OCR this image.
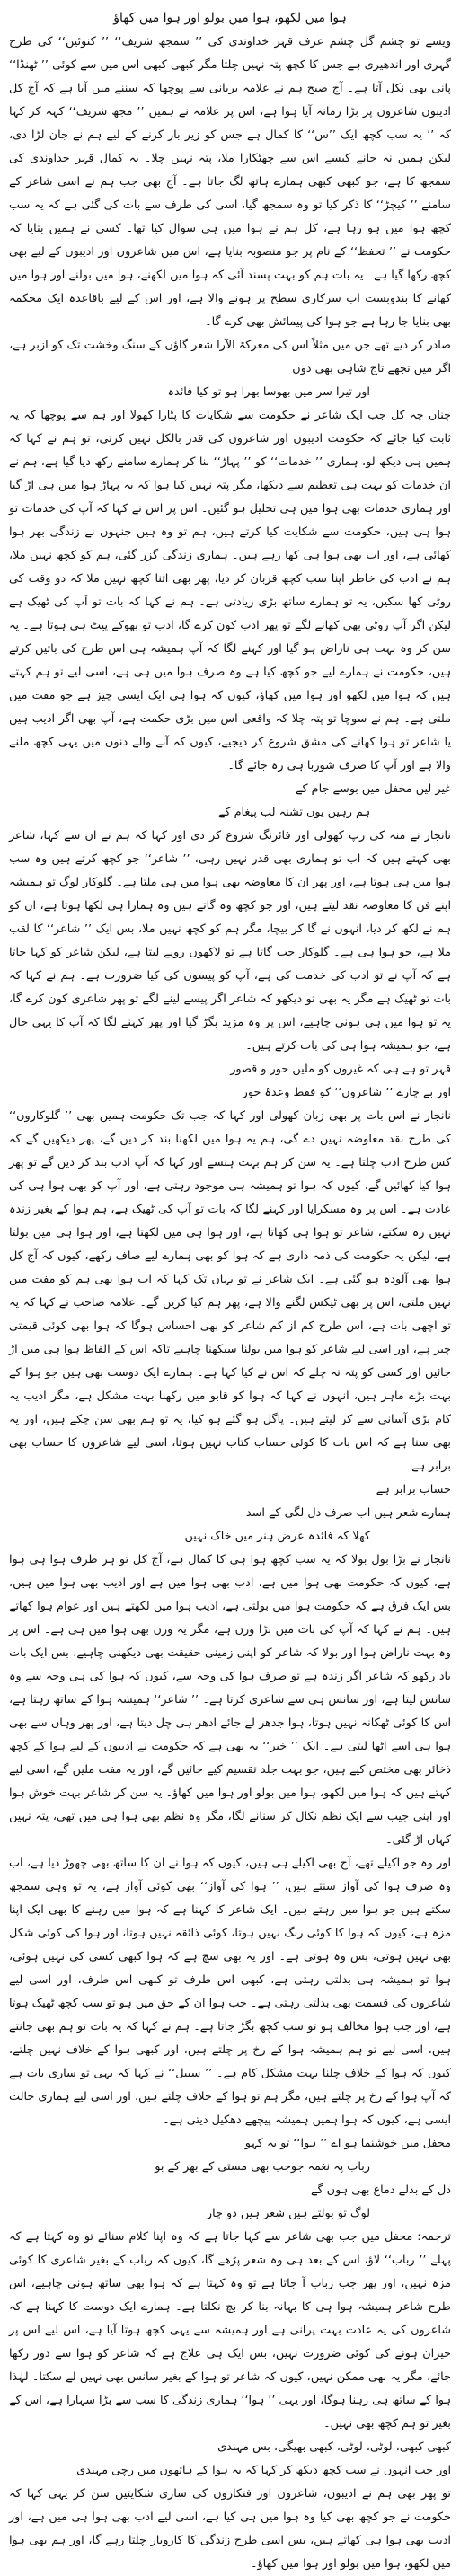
ہوا میں لکھو، ہوا میں بولو اور ہوا میں کھاؤ

ویسے تو چشم گل چشم عرف قہر خداوندی کی ’’ سمجھ شریف‘‘ ’’ کنوئیں‘‘ کی طرح گہری اور اندھیری ہے جس کا کچھ پتہ نہیں چلتا مگر کبھی کبھی اس میں سے کوئی ’’ ٹھنڈا‘‘ پانی بھی نکل آتا ہے۔ آج صبح ہم نے علامہ بریانی سے پوچھا کہ سننے میں آیا ہے کہ آج کل ادیبوں شاعروں پر بڑا زمانہ آیا ہوا ہے، اس پر علامہ نے ہمیں ’’ مجھ شریف‘‘ کہہ کر کہا کہ ’’ یہ سب کچھ ایک ’’س‘‘ کا کمال ہے جس کو زیر بار کرنے کے لیے ہم نے جان لڑا دی، لیکن ہمیں نہ جانے کیسے اس سے چھٹکارا ملا، پتہ نہیں چلا۔ یہ کمال قہر خداوندی کی سمجھ کا ہے، جو کبھی کبھی ہمارے ہاتھ لگ جاتا ہے۔ آج بھی جب ہم نے اسی شاعر کے سامنے ’’ کیچڑ‘‘ کا ذکر کیا تو وہ سمجھ گیا، اسی کی طرف سے بات کی گئی ہے کہ یہ سب کچھ ہوا میں ہو رہا ہے، کل ہم نے ہوا میں ہی سوال کیا تھا۔ کسی نے ہمیں بتایا کہ حکومت نے ’’ تحفظ‘‘ کے نام پر جو منصوبہ بنایا ہے، اس میں شاعروں اور ادیبوں کے لیے بھی کچھ رکھا گیا ہے۔ یہ بات ہم کو بہت پسند آئی کہ ہوا میں لکھنے، ہوا میں بولنے اور ہوا میں کھانے کا بندوبست اب سرکاری سطح پر ہونے والا ہے، اور اس کے لیے باقاعدہ ایک محکمہ بھی بنایا جا رہا ہے جو ہوا کی پیمائش بھی کرے گا۔

صادر کر دیے تھے جن میں مثلاً اس کی معرکۃ الآرا شعر گاؤں کے سنگ وخشت تک کو ازبر ہے،

اگر میں تجھے تاج شاہی بھی دوں

اور تیرا سر میں بھوسا بھرا ہو تو کیا فائدہ

چناں چہ کل جب ایک شاعر نے حکومت سے شکایات کا پٹارا کھولا اور ہم سے پوچھا کہ یہ ثابت کیا جائے کہ حکومت ادیبوں اور شاعروں کی قدر بالکل نہیں کرتی، تو ہم نے کہا کہ ہمیں ہی دیکھ لو، ہماری ’’ خدمات‘‘ کو ’’ پہاڑ‘‘ بنا کر ہمارے سامنے رکھ دیا گیا ہے، ہم نے ان خدمات کو بہت ہی تعظیم سے دیکھا، مگر پتہ نہیں کیا ہوا کہ یہ پہاڑ ہوا میں ہی اڑ گیا اور ہماری خدمات بھی ہوا میں ہی تحلیل ہو گئیں۔ اس پر اس نے کہا کہ آپ کی خدمات تو ہوا ہی ہیں، حکومت سے شکایت کیا کرتے ہیں، ہم تو وہ ہیں جنہوں نے زندگی بھر ہوا کھائی ہے، اور اب بھی ہوا ہی کھا رہے ہیں۔ ہماری زندگی گزر گئی، ہم کو کچھ نہیں ملا، ہم نے ادب کی خاطر اپنا سب کچھ قربان کر دیا، پھر بھی اتنا کچھ نہیں ملا کہ دو وقت کی روٹی کھا سکیں، یہ تو ہمارے ساتھ بڑی زیادتی ہے۔ ہم نے کہا کہ بات تو آپ کی ٹھیک ہے لیکن اگر آپ روٹی بھی کھانے لگے تو پھر ادب کون کرے گا، ادب تو بھوکے پیٹ ہی ہوتا ہے۔ یہ سن کر وہ بہت ہی ناراض ہو گیا اور کہنے لگا کہ آپ ہمیشہ ہی اس طرح کی باتیں کرتے ہیں، حکومت نے ہمارے لیے جو کچھ کیا ہے وہ صرف ہوا میں ہی ہے، اسی لیے تو ہم کہتے ہیں کہ ہوا میں لکھو اور ہوا میں کھاؤ، کیوں کہ ہوا ہی ایک ایسی چیز ہے جو مفت میں ملتی ہے۔ ہم نے سوچا تو پتہ چلا کہ واقعی اس میں بڑی حکمت ہے، آپ بھی اگر ادیب ہیں یا شاعر تو ہوا کھانے کی مشق شروع کر دیجیے، کیوں کہ آنے والے دنوں میں یہی کچھ ملنے والا ہے اور آپ کا صرف شوربا ہی رہ جائے گا۔

غیر لیں محفل میں بوسے جام کے

ہم رہیں یوں تشنہ لب پیغام کے

نانجار نے منہ کی زپ کھولی اور فائرنگ شروع کر دی اور کہا کہ ہم نے ان سے کہا، شاعر بھی کہتے ہیں کہ اب تو ہماری بھی قدر نہیں رہی، ’’ شاعر‘‘ جو کچھ کرتے ہیں وہ سب ہوا میں ہی ہوتا ہے، اور پھر ان کا معاوضہ بھی ہوا میں ہی ملتا ہے۔ گلوکار لوگ تو ہمیشہ اپنے فن کا معاوضہ نقد لیتے ہیں، اور جو کچھ وہ گاتے ہیں وہ ہمارا ہی لکھا ہوتا ہے، ان کو ہم نے لکھ کر دیا، انہوں نے گا کر بیچا، مگر ہم کو کچھ نہیں ملا، بس ایک ’’ شاعر‘‘ کا لقب ملا ہے، جو ہوا ہی ہے۔ گلوکار جب گاتا ہے تو لاکھوں روپے لیتا ہے، لیکن شاعر کو کہا جاتا ہے کہ آپ نے تو ادب کی خدمت کی ہے، آپ کو پیسوں کی کیا ضرورت ہے۔ ہم نے کہا کہ بات تو ٹھیک ہے مگر یہ بھی تو دیکھو کہ شاعر اگر پیسے لینے لگے تو پھر شاعری کون کرے گا، یہ تو ہوا میں ہی ہونی چاہیے، اس پر وہ مزید بگڑ گیا اور پھر کہنے لگا کہ آپ کا یہی حال ہے، جو ہمیشہ ہوا ہی کی بات کرتے ہیں۔

قہر تو ہے ہی کہ غیروں کو ملیں حور و قصور

اور بے چارے ’’ شاعروں‘‘ کو فقط وعدۂ حور

نانجار نے اس بات پر بھی زبان کھولی اور کہا کہ جب تک حکومت ہمیں بھی ’’ گلوکاروں‘‘ کی طرح نقد معاوضہ نہیں دے گی، ہم یہ ہوا میں لکھنا بند کر دیں گے، پھر دیکھیں گے کہ کس طرح ادب چلتا ہے۔ یہ سن کر ہم بہت ہنسے اور کہا کہ آپ ادب بند کر دیں گے تو پھر ہوا کیا کھائیں گے، کیوں کہ ہوا تو ہمیشہ ہی موجود رہتی ہے، اور آپ کو بھی ہوا ہی کی عادت ہے۔ اس پر وہ مسکرایا اور کہنے لگا کہ بات تو آپ کی ٹھیک ہے، ہم ہوا کے بغیر زندہ نہیں رہ سکتے، شاعر تو ہوا ہی کھاتا ہے، اور ہوا ہی میں لکھتا ہے، اور ہوا ہی میں بولتا ہے، لیکن یہ حکومت کی ذمہ داری ہے کہ ہوا کو بھی ہمارے لیے صاف رکھے، کیوں کہ آج کل ہوا بھی آلودہ ہو گئی ہے۔ ایک شاعر نے تو یہاں تک کہا کہ اب ہوا بھی ہم کو مفت میں نہیں ملتی، اس پر بھی ٹیکس لگنے والا ہے، پھر ہم کیا کریں گے۔ علامہ صاحب نے کہا کہ یہ تو اچھی بات ہے، اس طرح کم از کم شاعر کو بھی احساس ہوگا کہ ہوا بھی کوئی قیمتی چیز ہے، اور اسی لیے شاعر کو ہوا میں بولنا سیکھنا چاہیے تاکہ اس کے الفاظ ہوا ہی میں اڑ جائیں اور کسی کو پتہ نہ چلے کہ اس نے کیا کہا ہے۔ ہمارے ایک دوست بھی ہیں جو ہوا کے بہت بڑے ماہر ہیں، انہوں نے کہا کہ ہوا کو قابو میں رکھنا بہت مشکل ہے، مگر ادیب یہ کام بڑی آسانی سے کر لیتے ہیں۔ پاگل ہو گئے ہو کیا، یہ تو ہم بھی سن چکے ہیں، اور یہ بھی سنا ہے کہ اس بات کا کوئی حساب کتاب نہیں ہوتا، اسی لیے شاعروں کا حساب بھی برابر ہے۔

حساب برابر ہے

ہمارے شعر ہیں اب صرف دل لگی کے اسد

کھلا کہ فائدہ عرض ہنر میں خاک نہیں

نانجار نے بڑا بول بولا کہ یہ سب کچھ ہوا ہی کا کمال ہے، آج کل تو ہر طرف ہوا ہی ہوا ہے، کیوں کہ حکومت بھی ہوا میں ہے، ادب بھی ہوا میں ہے اور ادیب بھی ہوا میں ہیں، بس ایک فرق ہے کہ حکومت ہوا میں بولتی ہے، ادیب ہوا میں لکھتے ہیں اور عوام ہوا کھاتے ہیں۔ ہم نے کہا کہ آپ کی بات میں بڑا وزن ہے، مگر یہ وزن بھی ہوا میں ہی ہے۔ اس پر وہ بہت ناراض ہوا اور بولا کہ شاعر کو اپنی زمینی حقیقت بھی دیکھنی چاہیے، بس ایک بات یاد رکھو کہ شاعر اگر زندہ ہے تو صرف ہوا کی وجہ سے، کیوں کہ ہوا کی ہی وجہ سے وہ سانس لیتا ہے، اور سانس ہی سے شاعری کرتا ہے۔ ’’ شاعر‘‘ ہمیشہ ہوا کے ساتھ رہتا ہے، اس کا کوئی ٹھکانہ نہیں ہوتا، ہوا جدھر لے جائے ادھر ہی چل دیتا ہے، اور پھر وہاں سے بھی ہوا ہی اسے اٹھا لیتی ہے۔ ایک ’’ خبر‘‘ یہ بھی ہے کہ حکومت نے ادیبوں کے لیے ہوا کے کچھ ذخائر بھی مختص کیے ہیں، جو بہت جلد تقسیم کیے جائیں گے، اور یہ مفت ملیں گے، اسی لیے کہتے ہیں کہ ہوا میں لکھو، ہوا میں بولو اور ہوا میں کھاؤ۔ یہ سن کر شاعر بہت خوش ہوا اور اپنی جیب سے ایک نظم نکال کر سنانے لگا، مگر وہ نظم بھی ہوا ہی میں تھی، پتہ نہیں کہاں اڑ گئی۔

اور وہ جو اکیلے تھے، آج بھی اکیلے ہی ہیں، کیوں کہ ہوا نے ان کا ساتھ بھی چھوڑ دیا ہے، اب وہ صرف ہوا کی آواز سنتے ہیں، ’’ ہوا کی آواز‘‘ بھی کوئی آواز ہے، یہ تو وہی سمجھ سکتے ہیں جو ہوا میں رہتے ہیں۔ ایک شاعر کا کہنا ہے کہ ہوا میں رہنے کا بھی ایک اپنا مزہ ہے، کیوں کہ ہوا کا کوئی رنگ نہیں ہوتا، کوئی ذائقہ نہیں ہوتا، اور ہوا کی کوئی شکل بھی نہیں ہوتی، بس وہ ہوتی ہے۔ اور یہ بھی سچ ہے کہ ہوا کبھی کسی کی نہیں ہوئی، ہوا تو ہمیشہ ہی بدلتی رہتی ہے، کبھی اس طرف تو کبھی اس طرف، اور اسی لیے شاعروں کی قسمت بھی بدلتی رہتی ہے۔ جب ہوا ان کے حق میں ہو تو سب کچھ ٹھیک ہوتا ہے، اور جب ہوا مخالف ہو تو سب کچھ بگڑ جاتا ہے۔ ہم نے کہا کہ یہ بات تو ہم بھی جانتے ہیں، اسی لیے تو ہم ہمیشہ ہوا کے رخ پر چلتے ہیں، اور کبھی ہوا کے خلاف نہیں چلتے، کیوں کہ ہوا کے خلاف چلنا بہت مشکل کام ہے۔ ’’ سبیل‘‘ نے کہا کہ یہی تو ساری بات ہے کہ آپ ہوا کے رخ پر چلتے ہیں، مگر ہم تو ہوا کے خلاف چلتے ہیں، اور اسی لیے ہماری حالت ایسی ہے، کیوں کہ ہوا ہمیں ہمیشہ پیچھے دھکیل دیتی ہے۔

محفل میں خوشنما ہو اے ’’ ہوا‘‘ تو یہ کہو

رباب پہ نغمہ جوجب بھی مستی کے بھر کے بو

دل کے بدلے دماغ بھی ہوں گے

لوگ تو بولتے ہیں شعر ہیں دو چار

ترجمہ: محفل میں جب بھی شاعر سے کہا جاتا ہے کہ وہ اپنا کلام سنائے تو وہ کہتا ہے کہ پہلے ’’ رباب‘‘ لاؤ، اس کے بعد ہی وہ شعر پڑھے گا، کیوں کہ رباب کے بغیر شاعری کا کوئی مزہ نہیں، اور پھر جب رباب آ جاتا ہے تو وہ کہتا ہے کہ ہوا بھی ساتھ ہونی چاہیے، اس طرح شاعر ہمیشہ ہوا ہی کا بہانہ بنا کر بچ نکلتا ہے۔ ہمارے ایک دوست کا کہنا ہے کہ شاعروں کی یہ عادت بہت پرانی ہے اور ہمیشہ سے یہی کچھ ہوتا آیا ہے، اس لیے اس پر حیران ہونے کی کوئی ضرورت نہیں، بس ایک ہی علاج ہے کہ شاعر کو ہوا سے دور رکھا جائے، مگر یہ بھی ممکن نہیں، کیوں کہ شاعر تو ہوا کے بغیر سانس بھی نہیں لے سکتا۔ لہٰذا ہوا کے ساتھ ہی رہنا ہوگا، اور یہی ’’ ہوا‘‘ ہماری زندگی کا سب سے بڑا سہارا ہے، اس کے بغیر تو ہم کچھ بھی نہیں۔

کبھی کبھی، لوٹی، لوٹی، کبھی بھیگی، بس مہندی

اور جب انہوں نے سب کچھ دیکھ کر کہا کہ یہ ہوا کے ہاتھوں میں رچی مہندی

تو پھر بھی ہم نے ادیبوں، شاعروں اور فنکاروں کی ساری شکایتیں سن کر یہی کہا کہ حکومت نے جو کچھ بھی کیا وہ ہوا میں ہی کیا ہے، اسی لیے ادب بھی ہوا ہی میں ہے، اور ادیب بھی ہوا ہی کھاتے ہیں، بس اسی طرح زندگی کا کاروبار چلتا رہے گا، اور ہم بھی ہوا میں لکھو، ہوا میں بولو اور ہوا میں کھاؤ۔
